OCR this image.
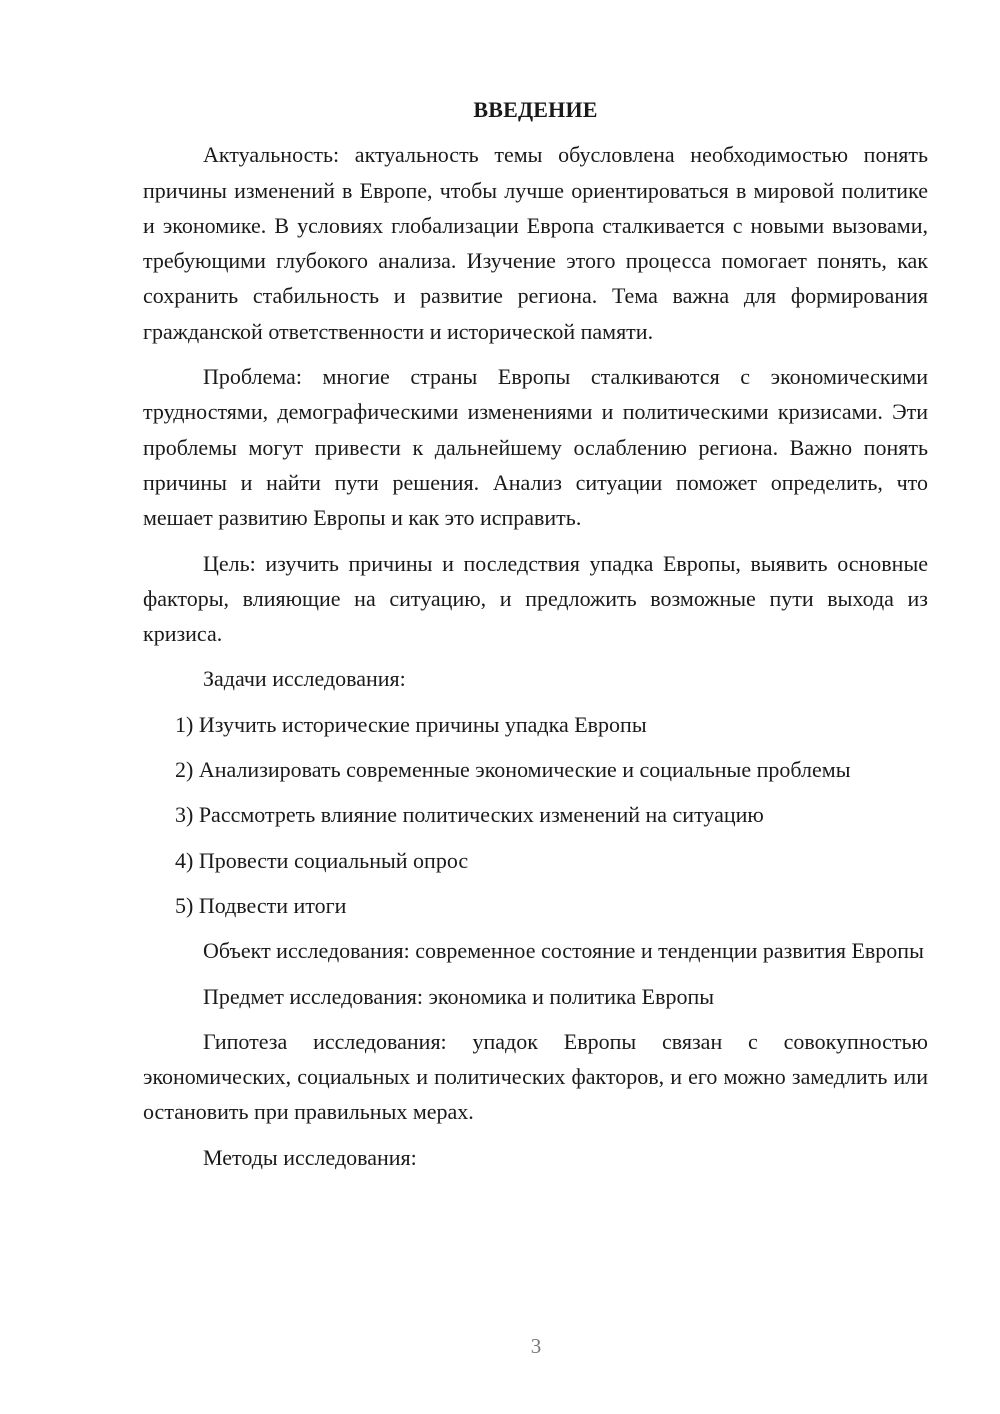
ВВЕДЕНИЕ

Актуальность: актуальность темы обусловлена необходимостью понять причины изменений в Европе, чтобы лучше ориентироваться в мировой политике и экономике. В условиях глобализации Европа сталкивается с новыми вызовами, требующими глубокого анализа. Изучение этого процесса помогает понять, как сохранить стабильность и развитие региона. Тема важна для формирования гражданской ответственности и исторической памяти.

Проблема: многие страны Европы сталкиваются с экономическими трудностями, демографическими изменениями и политическими кризисами. Эти проблемы могут привести к дальнейшему ослаблению региона. Важно понять причины и найти пути решения. Анализ ситуации поможет определить, что мешает развитию Европы и как это исправить.

Цель: изучить причины и последствия упадка Европы, выявить основные факторы, влияющие на ситуацию, и предложить возможные пути выхода из кризиса.

Задачи исследования:

1) Изучить исторические причины упадка Европы

2) Анализировать современные экономические и социальные проблемы

3) Рассмотреть влияние политических изменений на ситуацию

4) Провести социальный опрос

5) Подвести итоги

Объект исследования: современное состояние и тенденции развития Европы

Предмет исследования: экономика и политика Европы

Гипотеза исследования: упадок Европы связан с совокупностью экономических, социальных и политических факторов, и его можно замедлить или остановить при правильных мерах.

Методы исследования:

3
